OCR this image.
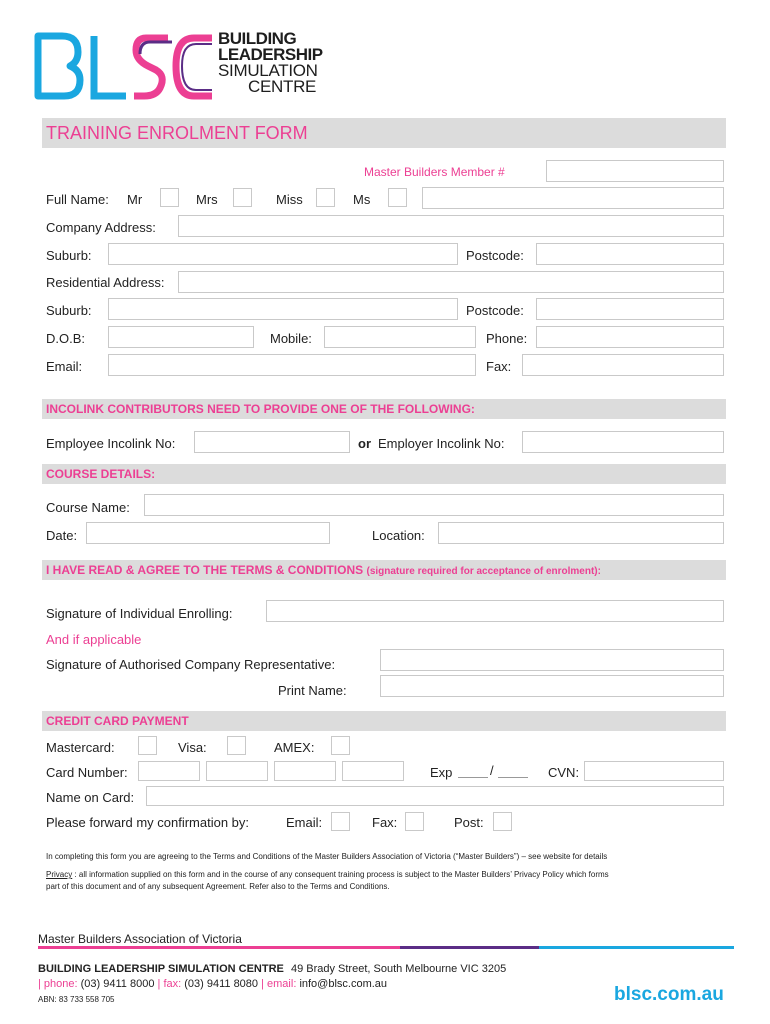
BUILDING
LEADERSHIP
SIMULATION
CENTRE
TRAINING ENROLMENT FORM
Master Builders Member #
Full Name: Mr	Mrs	Miss	Ms
Company Address:
Suburb:	Postcode:
Residential Address:
Suburb:	Postcode:
D.O.B:	Mobile:	Phone:
Email:	Fax:
INCOLINK CONTRIBUTORS NEED TO PROVIDE ONE OF THE FOLLOWING:
Employee Incolink No:	or Employer Incolink No:
COURSE DETAILS:
Course Name:
Date:	Location:
I HAVE READ & AGREE TO THE TERMS & CONDITIONS (signature required for acceptance of enrolment):
Signature of Individual Enrolling:
And if applicable
Signature of Authorised Company Representative:
Print Name:
CREDIT CARD PAYMENT
Mastercard:	Visa:	AMEX:
Card Number:	Exp	/	CVN:
Name on Card:
Please forward my confirmation by:	Email:	Fax:	Post:
In completing this form you are agreeing to the Terms and Conditions of the Master Builders Association of Victoria (“Master Builders”) – see website for details
Privacy : all information supplied on this form and in the course of any consequent training process is subject to the Master Builders’ Privacy Policy which forms
part of this document and of any subsequent Agreement. Refer also to the Terms and Conditions.
Master Builders Association of Victoria
BUILDING LEADERSHIP SIMULATION CENTRE 49 Brady Street, South Melbourne VIC 3205
| phone: (03) 9411 8000 | fax: (03) 9411 8080 | email: info@blsc.com.au
ABN: 83 733 558 705	blsc.com.au
